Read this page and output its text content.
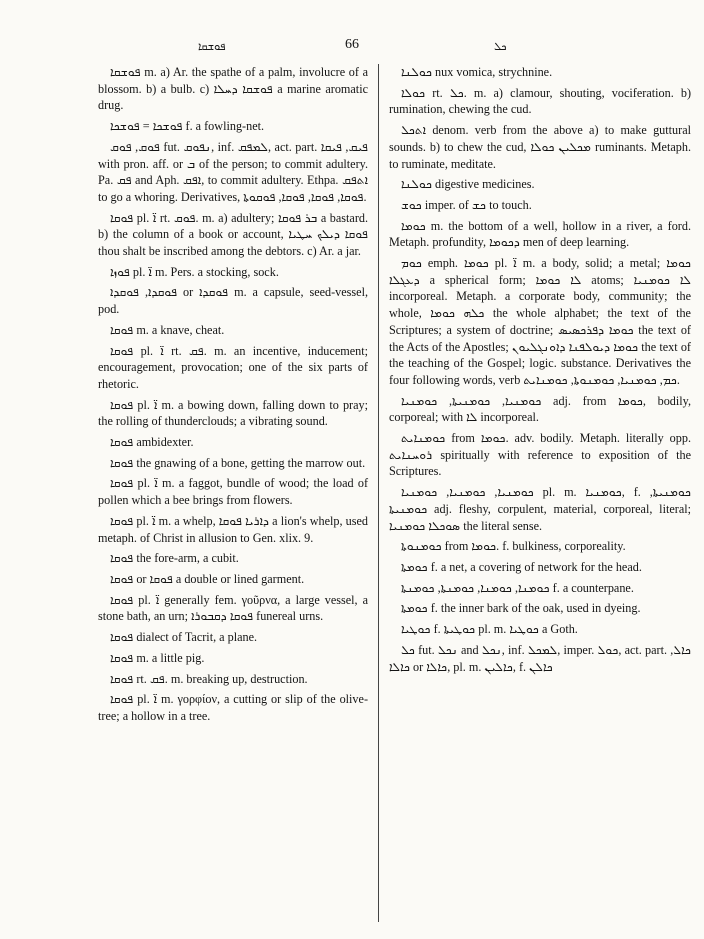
ܦܘܫܩܐ	66	ܟܠ

ܦܘܫܩܐ m. a) Ar. the spathe of a palm, involucre of a blossom. b) a bulb. c) ܦܘܫܩܐ ܕܚܠܐ a marine aromatic drug.

ܦܘܫܟܐ = ܦܘܫܟܐ f. a fowling-net.

ܦܘܩ, ܦܘܩ fut. ܢܦܘܩ, inf. ܠܡܦܩ, act. part. ܦܝܩ, ܦܝܩܐ with pron. aff. or ܒ of the person; to commit adultery. Pa. ܦܩ and Aph. ܐܦܩ, to commit adultery. Ethpa. ܐܬܦܩ to go a whoring. Derivatives, ܦܘܩܐ, ܦܘܩܐ, ܦܘܩܐ, ܦܘܩܘܬܐ.

ܦܘܩܐ pl. ܐ̈ rt. ܦܘܩ. m. a) adultery; ܒܪ ܦܘܩܐ a bastard. b) the column of a book or account, ܦܘܩܐ ܕܝܠܟ ܚܛܝܐ thou shalt be inscribed among the debtors. c) Ar. a jar.

ܦܘܙܐ pl. ܐ̈ m. Pers. a stocking, sock.

ܦܘܩܕܐ, ܦܘܩܕܐ or ܦܘܩܕܐ m. a capsule, seed-vessel, pod.

ܦܘܩܐ m. a knave, cheat.

ܦܘܩܐ pl. ܐ̈ rt. ܦܩ. m. an incentive, inducement; encouragement, provocation; one of the six parts of rhetoric.

ܦܘܩܐ pl. ܐ̈ m. a bowing down, falling down to pray; the rolling of thunderclouds; a vibrating sound.

ܦܘܩܐ ambidexter.

ܦܘܩܐ the gnawing of a bone, getting the marrow out.

ܦܘܩܐ pl. ܐ̈ m. a faggot, bundle of wood; the load of pollen which a bee brings from flowers.

ܦܘܩܐ pl. ܐ̈ m. a whelp, ܕܐܪܝܐ ܦܘܩܐ a lion's whelp, used metaph. of Christ in allusion to Gen. xlix. 9.

ܦܘܩܐ the fore-arm, a cubit.

ܦܘܩܐ or ܦܘܩܐ a double or lined garment.

ܦܘܩܐ pl. ܐ̈ generally fem. γοῦρνα, a large vessel, a stone bath, an urn; ܦܘܩܐ ܕܩܒܘܪܐ funereal urns.

ܦܘܩܐ dialect of Tacrit, a plane.

ܦܘܩܐ m. a little pig.

ܦܘܩܐ rt. ܦܩ. m. breaking up, destruction.

ܦܘܩܐ pl. ܐ̈ m. γορφίον, a cutting or slip of the olive-tree; a hollow in a tree.

ܟܘܠܢܐ nux vomica, strychnine.

ܟܘܠܐ rt. ܟܠ. m. a) clamour, shouting, vociferation. b) rumination, chewing the cud.

ܐܬܟܠ denom. verb from the above a) to make guttural sounds. b) to chew the cud, ܡܟܠܝܢ ܟܘܠܐ ruminants. Metaph. to ruminate, meditate.

ܟܘܠܢܐ digestive medicines.

ܟܘܫ imper. of ܟܫ to touch.

ܟܘܡܐ m. the bottom of a well, hollow in a river, a ford. Metaph. profundity, ܕܟܘܡܐ men of deep learning.

ܟܘܡ emph. ܟܘܡܐ pl. ܐ̈ m. a body, solid; a metal; ܟܘܡܐ ܕܥܓܠܐ a spherical form; ܠܐ ܟܘܡܐ atoms; ܠܐ ܟܘܡܢܝܐ incorporeal. Metaph. a corporate body, community; the whole, ܟܠܗ ܟܘܡܐ the whole alphabet; the text of the Scriptures; a system of doctrine; ܟܘܡܐ ܕܦܪܟܣܝܣ the text of the Acts of the Apostles; ܟܘܡܐ ܕܝܘܠܦܢܐ ܕܐܘܢܓܠܝܘܢ the text of the teaching of the Gospel; logic. substance. Derivatives the four following words, verb ܟܡ, ܟܘܡܢܝܐ, ܟܘܡܢܘܬܐ, ܟܘܡܢܐܝܬ.

ܟܘܡܢܝܐ, ܟܘܡܢܝܬܐ, ܟܘܡܢܝܐ adj. from ܟܘܡܐ, bodily, corporeal; with ܠܐ incorporeal.

ܟܘܡܢܐܝܬ from ܟܘܡܐ. adv. bodily. Metaph. literally opp. ܪܘܚܢܐܝܬ spiritually with reference to exposition of the Scriptures.

ܟܘܡܢܝܐ, ܟܘܡܢܝܐ, ܟܘܡܢܝܐ pl. m. ܟܘܡܢܝܐ, f. ܟܘܡܢܝܬܐ, ܟܘܡܢܝܬܐ adj. fleshy, corpulent, material, corporeal, literal; ܣܘܟܠܐ ܟܘܡܢܝܐ the literal sense.

ܟܘܡܢܘܬܐ from ܟܘܡܐ. f. bulkiness, corporeality.

ܟܘܡܬܐ f. a net, a covering of network for the head.

ܟܘܡܢܐ, ܟܘܡܢܐ, ܟܘܡܢܬܐ, ܟܘܡܢܬܐ f. a counterpane.

ܟܘܡܬܐ f. the inner bark of the oak, used in dyeing.

ܟܘܛܝܐ f. ܟܘܛܝܬܐ pl. m. ܟܘܛܝܐ a Goth.

ܟܠ fut. ܢܟܠ and ܢܟܠ, inf. ܠܡܟܠ, imper. ܟܘܠ, act. part. ܟܐܠ, ܟܐܠܐ or ܟܐܠܐ, pl. m. ܟܐܠܝܢ, f. ܟܐܠܢ
